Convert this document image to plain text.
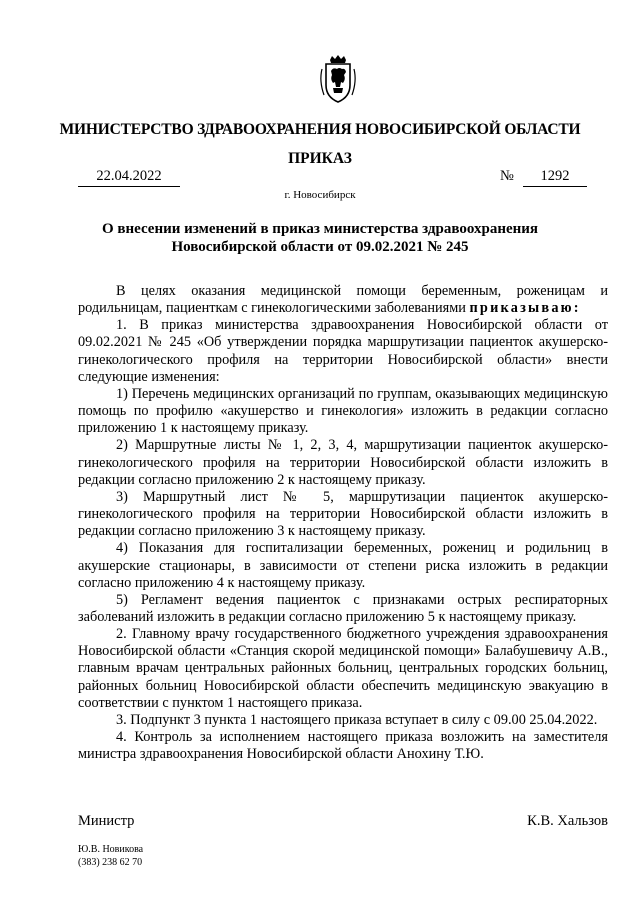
МИНИСТЕРСТВО ЗДРАВООХРАНЕНИЯ НОВОСИБИРСКОЙ ОБЛАСТИ
ПРИКАЗ
22.04.2022	№	1292
г. Новосибирск
О внесении изменений в приказ министерства здравоохранения
Новосибирской области от 09.02.2021 № 245

В целях оказания медицинской помощи беременным, роженицам и родильницам, пациенткам с гинекологическими заболеваниями приказываю:

1. В приказ министерства здравоохранения Новосибирской области от 09.02.2021 № 245 «Об утверждении порядка маршрутизации пациенток акушерско-гинекологического профиля на территории Новосибирской области» внести следующие изменения:

1) Перечень медицинских организаций по группам, оказывающих медицинскую помощь по профилю «акушерство и гинекология» изложить в редакции согласно приложению 1 к настоящему приказу.

2) Маршрутные листы № 1, 2, 3, 4, маршрутизации пациенток акушерско-гинекологического профиля на территории Новосибирской области изложить в редакции согласно приложению 2 к настоящему приказу.

3) Маршрутный лист № 5, маршрутизации пациенток акушерско-гинекологического профиля на территории Новосибирской области изложить в редакции согласно приложению 3 к настоящему приказу.

4) Показания для госпитализации беременных, рожениц и родильниц в акушерские стационары, в зависимости от степени риска изложить в редакции согласно приложению 4 к настоящему приказу.

5) Регламент ведения пациенток с признаками острых респираторных заболеваний изложить в редакции согласно приложению 5 к настоящему приказу.

2. Главному врачу государственного бюджетного учреждения здравоохранения Новосибирской области «Станция скорой медицинской помощи» Балабушевичу А.В., главным врачам центральных районных больниц, центральных городских больниц, районных больниц Новосибирской области обеспечить медицинскую эвакуацию в соответствии с пунктом 1 настоящего приказа.

3. Подпункт 3 пункта 1 настоящего приказа вступает в силу с 09.00 25.04.2022.

4. Контроль за исполнением настоящего приказа возложить на заместителя министра здравоохранения Новосибирской области Анохину Т.Ю.

Министр	К.В. Хальзов
Ю.В. Новикова
(383) 238 62 70
